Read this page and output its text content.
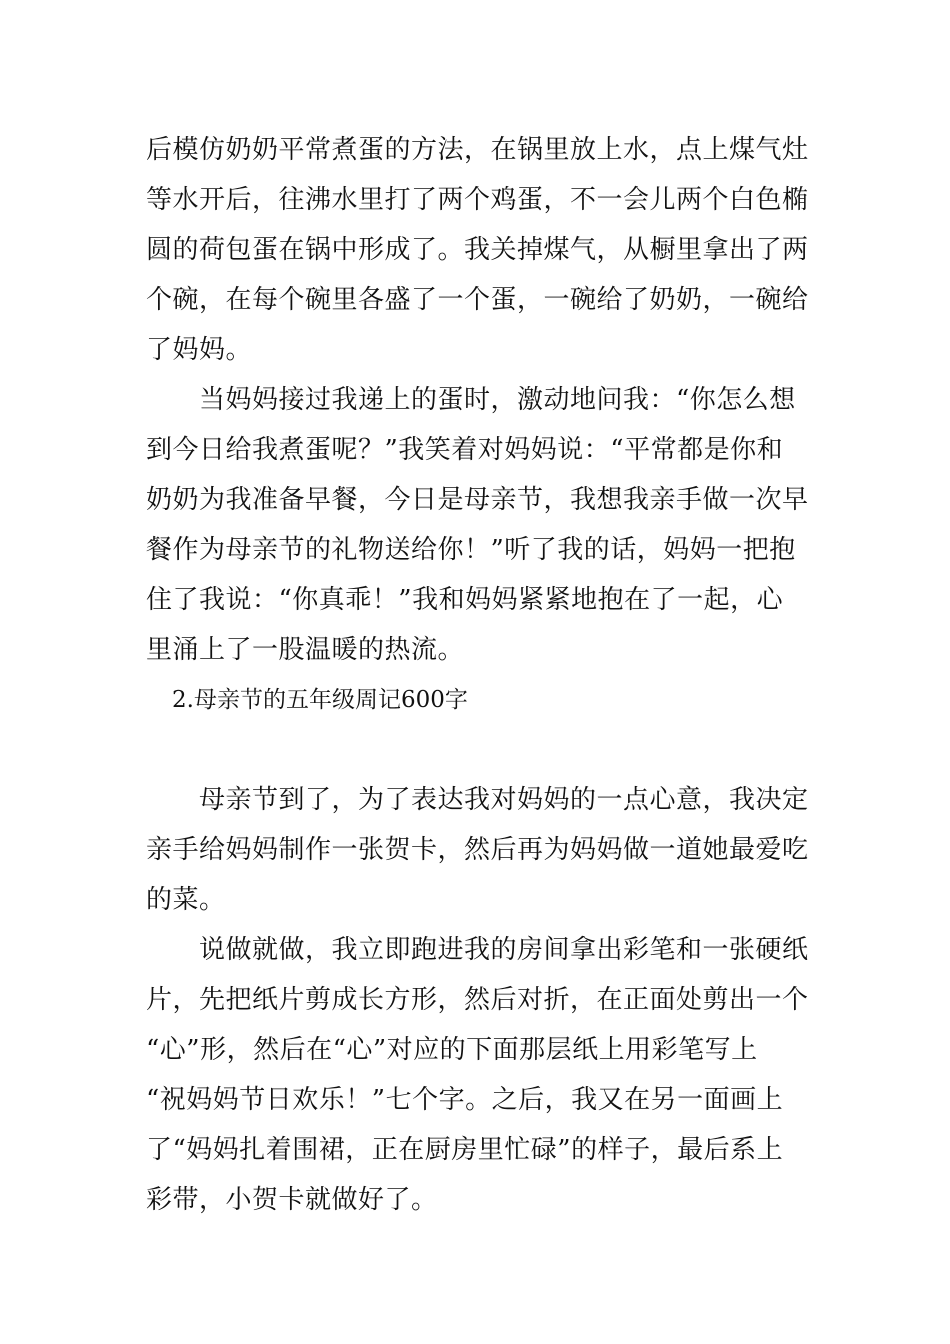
后模仿奶奶平常煮蛋的方法，在锅里放上水，点上煤气灶
等水开后，往沸水里打了两个鸡蛋，不一会儿两个白色椭
圆的荷包蛋在锅中形成了。我关掉煤气，从橱里拿出了两
个碗，在每个碗里各盛了一个蛋，一碗给了奶奶，一碗给
了妈妈。
当妈妈接过我递上的蛋时，激动地问我：“你怎么想
到今日给我煮蛋呢？”我笑着对妈妈说：“平常都是你和
奶奶为我准备早餐，今日是母亲节，我想我亲手做一次早
餐作为母亲节的礼物送给你！”听了我的话，妈妈一把抱
住了我说：“你真乖！”我和妈妈紧紧地抱在了一起，心
里涌上了一股温暖的热流。
2.母亲节的五年级周记600字
母亲节到了，为了表达我对妈妈的一点心意，我决定
亲手给妈妈制作一张贺卡，然后再为妈妈做一道她最爱吃
的菜。
说做就做，我立即跑进我的房间拿出彩笔和一张硬纸
片，先把纸片剪成长方形，然后对折，在正面处剪出一个
“心”形，然后在“心”对应的下面那层纸上用彩笔写上
“祝妈妈节日欢乐！”七个字。之后，我又在另一面画上
了“妈妈扎着围裙，正在厨房里忙碌”的样子，最后系上
彩带，小贺卡就做好了。
